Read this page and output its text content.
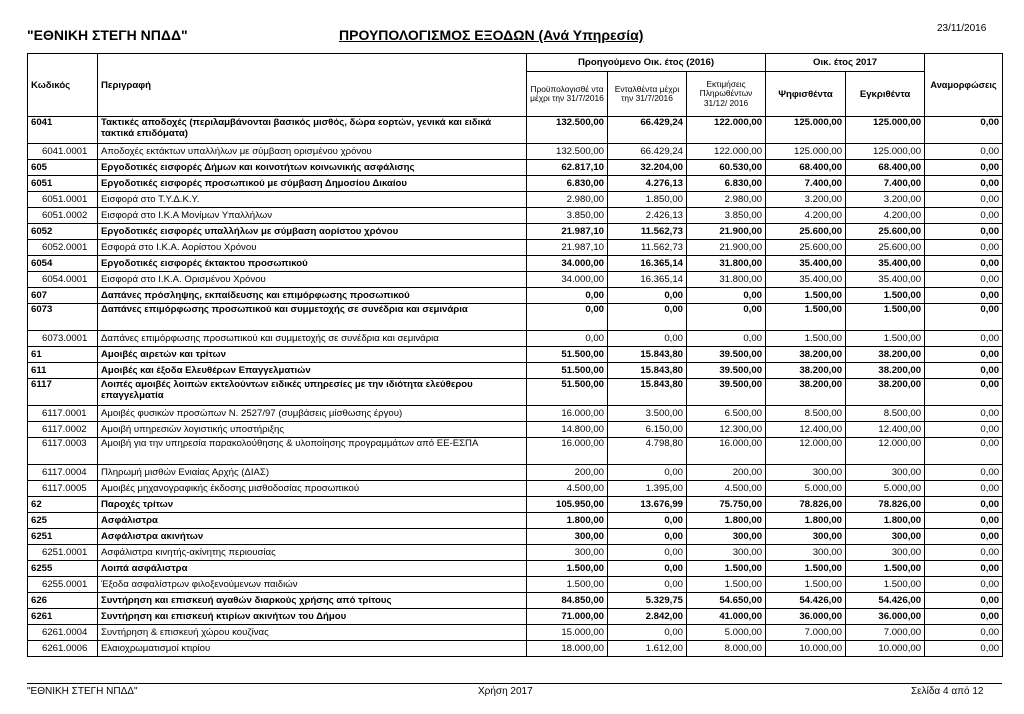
"ΕΘΝΙΚΗ ΣΤΕΓΗ ΝΠΔΔ"	ΠΡΟΥΠΟΛΟΓΙΣΜΟΣ ΕΞΟΔΩΝ (Ανά Υπηρεσία)	23/11/2016
Κωδικός	Περιγραφή	Προηγούμενο Οικ. έτος (2016)			Οικ. έτος 2017		Αναμορφώσεις
		Προϋπολογισθέ ντα μέχρι την 31/7/2016	Ενταλθέντα μέχρι την 31/7/2016	Εκτιμήσεις Πληρωθέντων 31/12/ 2016	Ψηφισθέντα	Εγκριθέντα	
6041	Τακτικές αποδοχές (περιλαμβάνονται βασικός μισθός, δώρα εορτών, γενικά και ειδικά τακτικά επιδόματα)	132.500,00	66.429,24	122.000,00	125.000,00	125.000,00	0,00
6041.0001	Αποδοχές εκτάκτων υπαλλήλων με σύμβαση ορισμένου χρόνου	132.500,00	66.429,24	122.000,00	125.000,00	125.000,00	0,00
605	Εργοδοτικές εισφορές Δήμων και κοινοτήτων κοινωνικής ασφάλισης	62.817,10	32.204,00	60.530,00	68.400,00	68.400,00	0,00
6051	Εργοδοτικές εισφορές προσωπικού με σύμβαση Δημοσίου Δικαίου	6.830,00	4.276,13	6.830,00	7.400,00	7.400,00	0,00
6051.0001	Εισφορά στο Τ.Υ.Δ.Κ.Υ.	2.980,00	1.850,00	2.980,00	3.200,00	3.200,00	0,00
6051.0002	Εισφορά στο Ι.Κ.Α Μονίμων Υπαλλήλων	3.850,00	2.426,13	3.850,00	4.200,00	4.200,00	0,00
6052	Εργοδοτικές εισφορές υπαλλήλων με σύμβαση αορίστου χρόνου	21.987,10	11.562,73	21.900,00	25.600,00	25.600,00	0,00
6052.0001	Εσφορά στο Ι.Κ.Α. Αορίστου Χρόνου	21.987,10	11.562,73	21.900,00	25.600,00	25.600,00	0,00
6054	Εργοδοτικές εισφορές έκτακτου προσωπικού	34.000,00	16.365,14	31.800,00	35.400,00	35.400,00	0,00
6054.0001	Εισφορά στο Ι.Κ.Α. Ορισμένου Χρόνου	34.000,00	16.365,14	31.800,00	35.400,00	35.400,00	0,00
607	Δαπάνες πρόσληψης, εκπαίδευσης και επιμόρφωσης προσωπικού	0,00	0,00	0,00	1.500,00	1.500,00	0,00
6073	Δαπάνες επιμόρφωσης προσωπικού και συμμετοχής σε συνέδρια και σεμινάρια	0,00	0,00	0,00	1.500,00	1.500,00	0,00
6073.0001	Δαπάνες επιμόρφωσης προσωπικού και συμμετοχής σε συνέδρια και σεμινάρια	0,00	0,00	0,00	1.500,00	1.500,00	0,00
61	Αμοιβές αιρετών και τρίτων	51.500,00	15.843,80	39.500,00	38.200,00	38.200,00	0,00
611	Αμοιβές και έξοδα Ελευθέρων Επαγγελματιών	51.500,00	15.843,80	39.500,00	38.200,00	38.200,00	0,00
6117	Λοιπές αμοιβές λοιπών εκτελούντων ειδικές υπηρεσίες με την ιδιότητα ελεύθερου επαγγελματία	51.500,00	15.843,80	39.500,00	38.200,00	38.200,00	0,00
6117.0001	Αμοιβές φυσικών προσώπων Ν. 2527/97 (συμβάσεις μίσθωσης έργου)	16.000,00	3.500,00	6.500,00	8.500,00	8.500,00	0,00
6117.0002	Αμοιβή υπηρεσιών λογιστικής υποστήριξης	14.800,00	6.150,00	12.300,00	12.400,00	12.400,00	0,00
6117.0003	Αμοιβή για την υπηρεσία παρακολούθησης & υλοποίησης προγραμμάτων από ΕΕ-ΕΣΠΑ	16.000,00	4.798,80	16.000,00	12.000,00	12.000,00	0,00
6117.0004	Πληρωμή μισθών Ενιαίας Αρχής (ΔΙΑΣ)	200,00	0,00	200,00	300,00	300,00	0,00
6117.0005	Αμοιβές μηχανογραφικής έκδοσης μισθοδοσίας προσωπικού	4.500,00	1.395,00	4.500,00	5.000,00	5.000,00	0,00
62	Παροχές τρίτων	105.950,00	13.676,99	75.750,00	78.826,00	78.826,00	0,00
625	Ασφάλιστρα	1.800,00	0,00	1.800,00	1.800,00	1.800,00	0,00
6251	Ασφάλιστρα ακινήτων	300,00	0,00	300,00	300,00	300,00	0,00
6251.0001	Ασφάλιστρα κινητής-ακίνητης περιουσίας	300,00	0,00	300,00	300,00	300,00	0,00
6255	Λοιπά ασφάλιστρα	1.500,00	0,00	1.500,00	1.500,00	1.500,00	0,00
6255.0001	Έξοδα ασφαλίστρων φιλοξενούμενων παιδιών	1.500,00	0,00	1.500,00	1.500,00	1.500,00	0,00
626	Συντήρηση και επισκευή αγαθών διαρκούς χρήσης από τρίτους	84.850,00	5.329,75	54.650,00	54.426,00	54.426,00	0,00
6261	Συντήρηση και επισκευή κτιρίων ακινήτων του Δήμου	71.000,00	2.842,00	41.000,00	36.000,00	36.000,00	0,00
6261.0004	Συντήρηση & επισκευή χώρου κουζίνας	15.000,00	0,00	5.000,00	7.000,00	7.000,00	0,00
6261.0006	Ελαιοχρωματισμοί κτιρίου	18.000,00	1.612,00	8.000,00	10.000,00	10.000,00	0,00
"ΕΘΝΙΚΗ ΣΤΕΓΗ ΝΠΔΔ"	Χρήση 2017	Σελίδα 4 από 12
